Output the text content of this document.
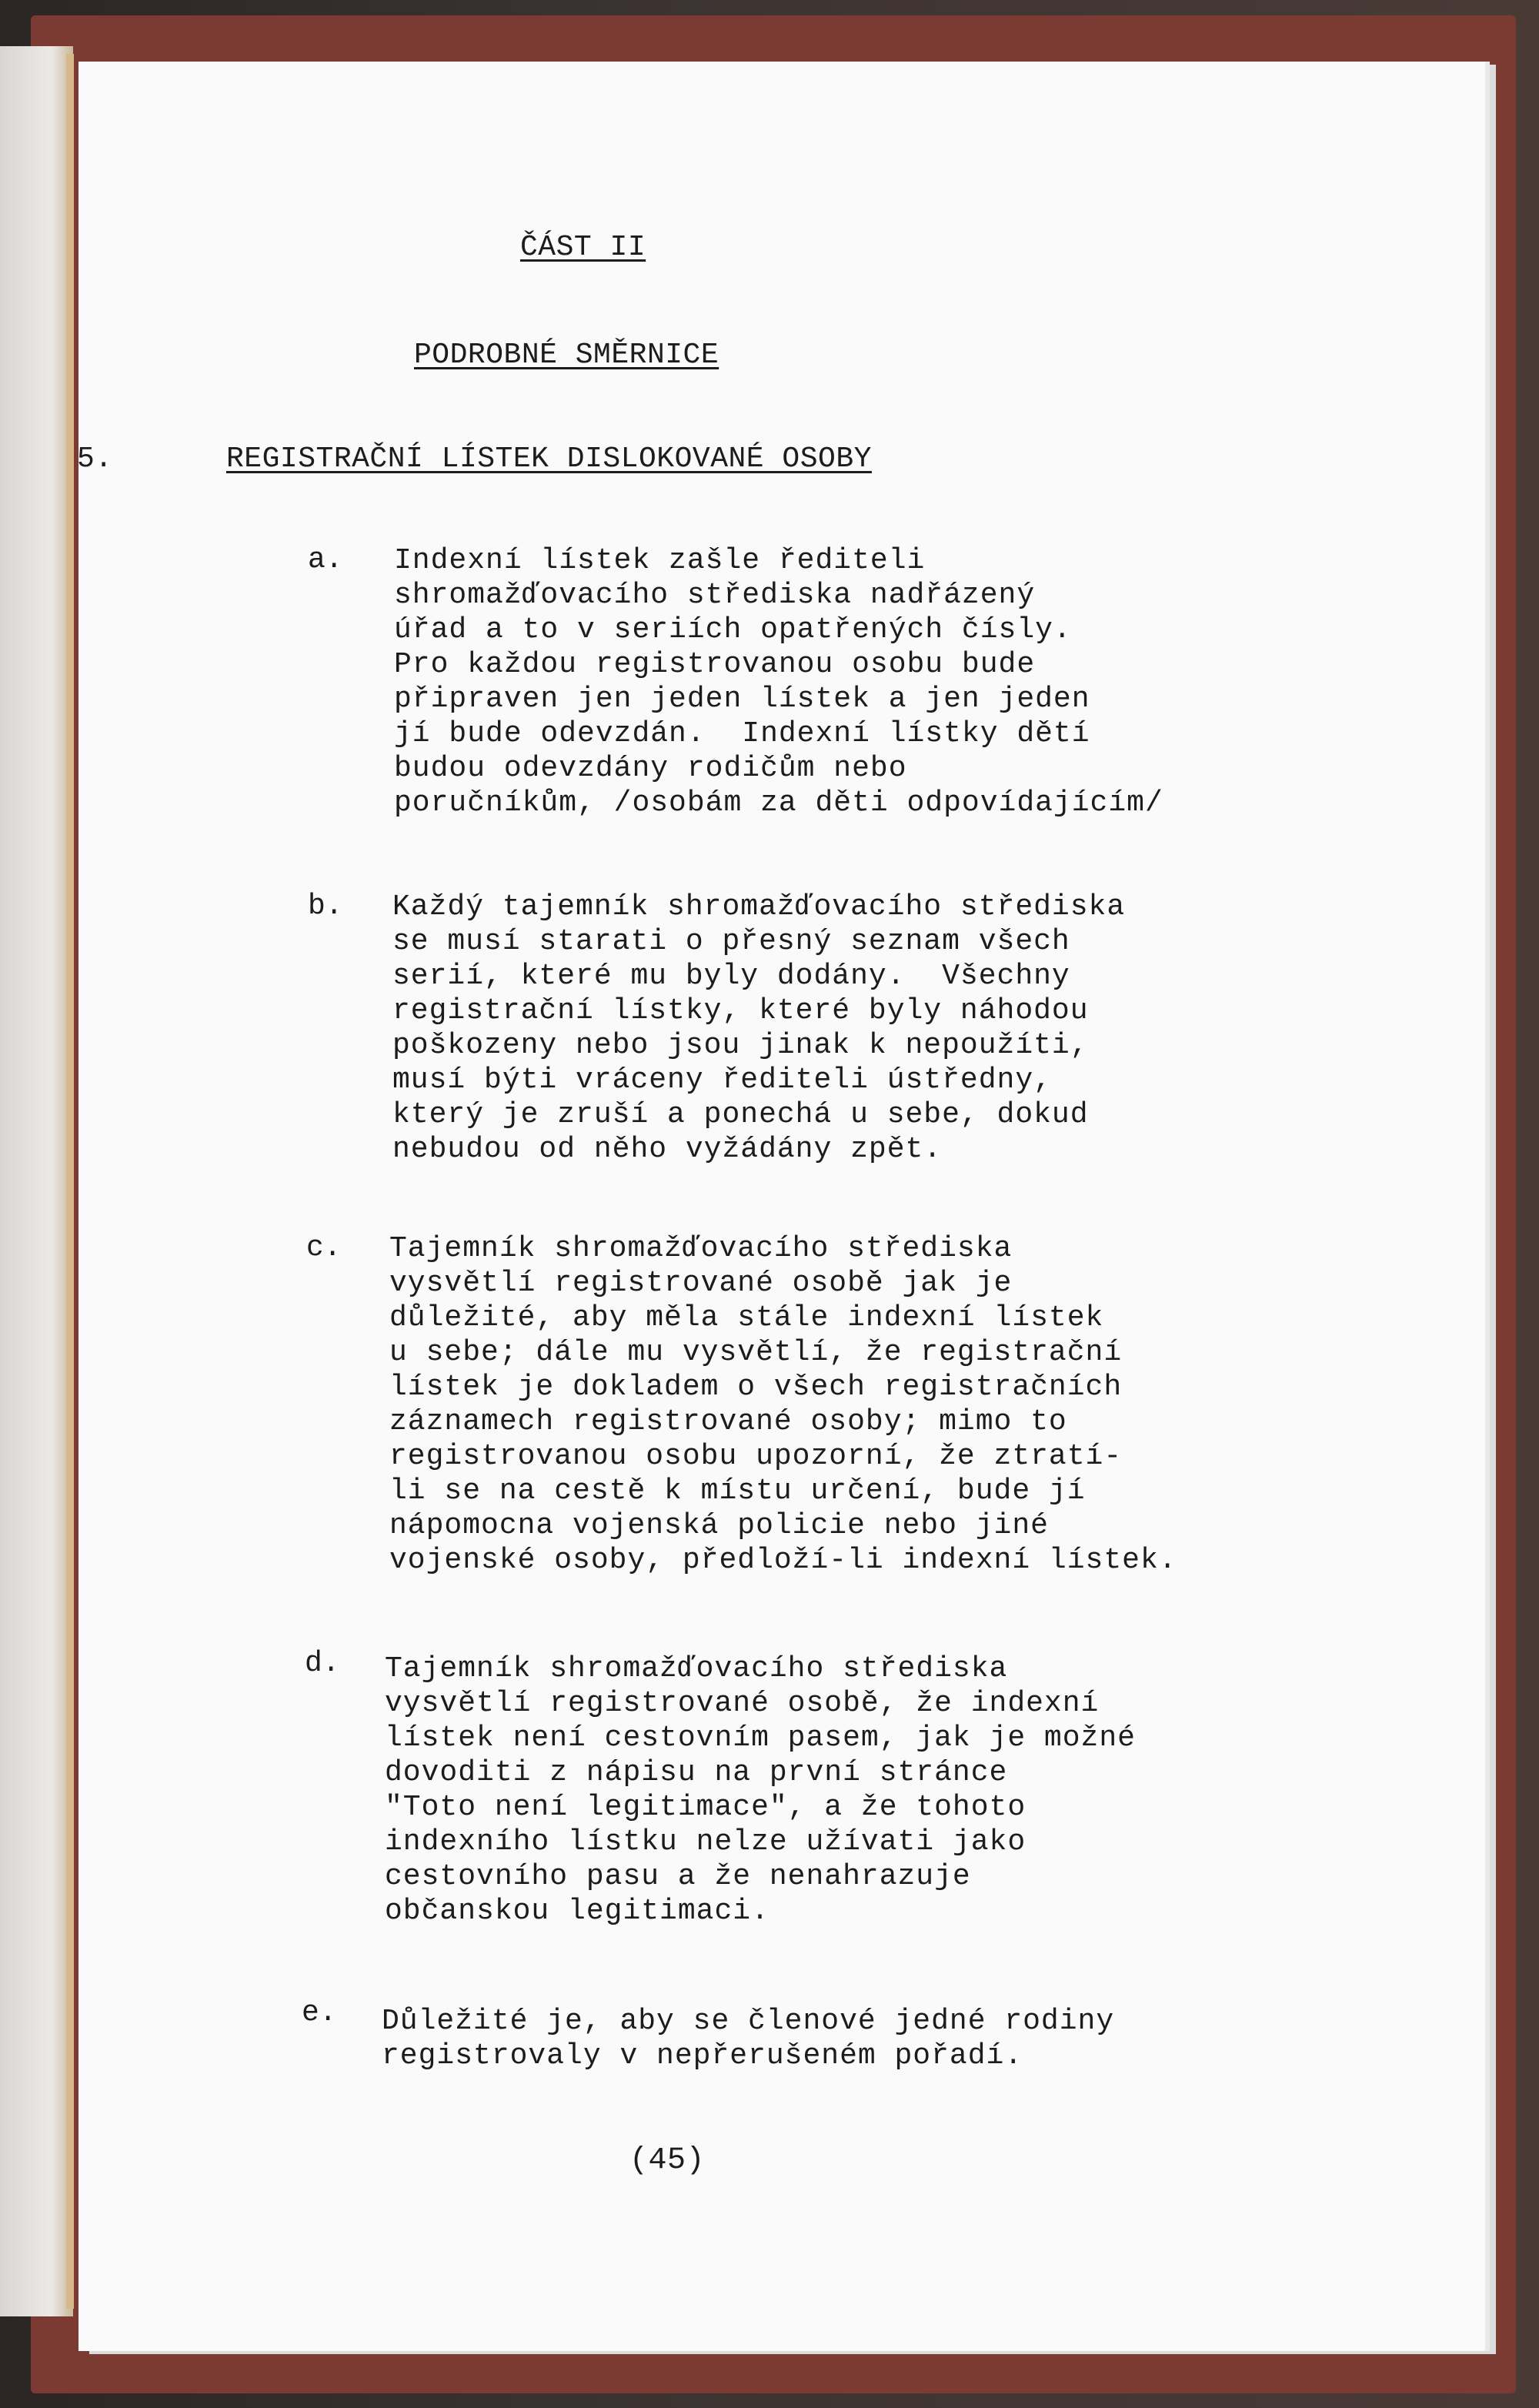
ČÁST II
PODROBNÉ SMĚRNICE
5.	REGISTRAČNÍ LÍSTEK DISLOKOVANÉ OSOBY
a. Indexní lístek zašle řediteli
shromažďovacího střediska nadřázený
úřad a to v seriích opatřených čísly.
Pro každou registrovanou osobu bude
připraven jen jeden lístek a jen jeden
jí bude odevzdán.  Indexní lístky dětí
budou odevzdány rodičům nebo
poručníkům, /osobám za děti odpovídajícím/
b. Každý tajemník shromažďovacího střediska
se musí starati o přesný seznam všech
serií, které mu byly dodány.  Všechny
registrační lístky, které byly náhodou
poškozeny nebo jsou jinak k nepoužíti,
musí býti vráceny řediteli ústředny,
který je zruší a ponechá u sebe, dokud
nebudou od něho vyžádány zpět.
c. Tajemník shromažďovacího střediska
vysvětlí registrované osobě jak je
důležité, aby měla stále indexní lístek
u sebe; dále mu vysvětlí, že registrační
lístek je dokladem o všech registračních
záznamech registrované osoby; mimo to
registrovanou osobu upozorní, že ztratí-
li se na cestě k místu určení, bude jí
nápomocna vojenská policie nebo jiné
vojenské osoby, předloží-li indexní lístek.
d. Tajemník shromažďovacího střediska
vysvětlí registrované osobě, že indexní
lístek není cestovním pasem, jak je možné
dovoditi z nápisu na první stránce
"Toto není legitimace", a že tohoto
indexního lístku nelze užívati jako
cestovního pasu a že nenahrazuje
občanskou legitimaci.
e. Důležité je, aby se členové jedné rodiny
registrovaly v nepřerušeném pořadí.
(45)
